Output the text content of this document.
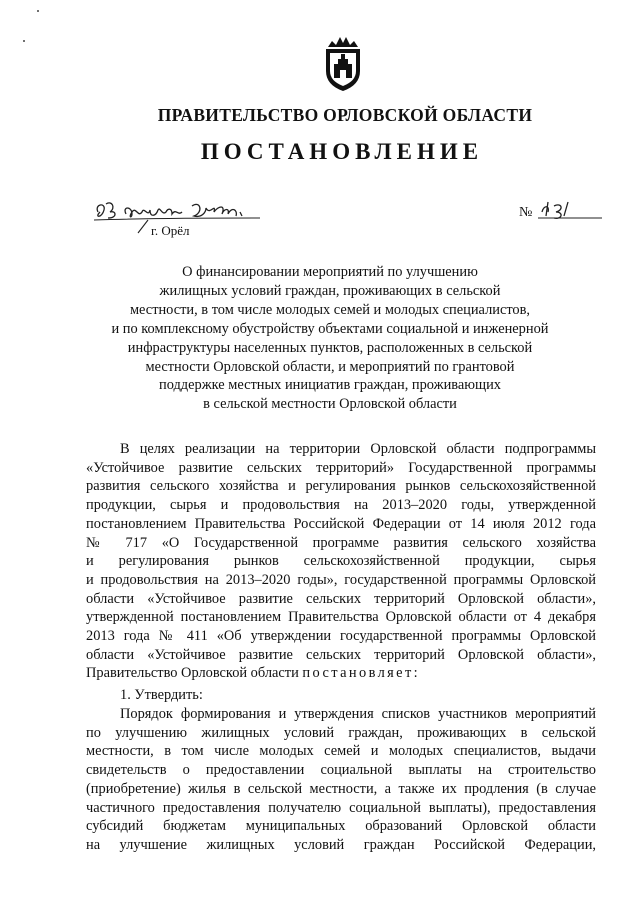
ПРАВИТЕЛЬСТВО ОРЛОВСКОЙ ОБЛАСТИ
ПОСТАНОВЛЕНИЕ
г. Орёл
№
О финансировании мероприятий по улучшению
жилищных условий граждан, проживающих в сельской
местности, в том числе молодых семей и молодых специалистов,
и по комплексному обустройству объектами социальной и инженерной
инфраструктуры населенных пунктов, расположенных в сельской
местности Орловской области, и мероприятий по грантовой
поддержке местных инициатив граждан, проживающих
в сельской местности Орловской области
В целях реализации на территории Орловской области подпрограммы
«Устойчивое развитие сельских территорий» Государственной программы
развития сельского хозяйства и регулирования рынков сельскохозяйственной
продукции, сырья и продовольствия на 2013–2020 годы, утвержденной
постановлением Правительства Российской Федерации от 14 июля 2012 года
№ 717 «О Государственной программе развития сельского хозяйства
и регулирования рынков сельскохозяйственной продукции, сырья
и продовольствия на 2013–2020 годы», государственной программы Орловской
области «Устойчивое развитие сельских территорий Орловской области»,
утвержденной постановлением Правительства Орловской области от 4 декабря
2013 года № 411 «Об утверждении государственной программы Орловской
области «Устойчивое развитие сельских территорий Орловской области»,
Правительство Орловской области постановляет:
1. Утвердить:
Порядок формирования и утверждения списков участников мероприятий
по улучшению жилищных условий граждан, проживающих в сельской
местности, в том числе молодых семей и молодых специалистов, выдачи
свидетельств о предоставлении социальной выплаты на строительство
(приобретение) жилья в сельской местности, а также их продления (в случае
частичного предоставления получателю социальной выплаты), предоставления
субсидий бюджетам муниципальных образований Орловской области
на улучшение жилищных условий граждан Российской Федерации,
